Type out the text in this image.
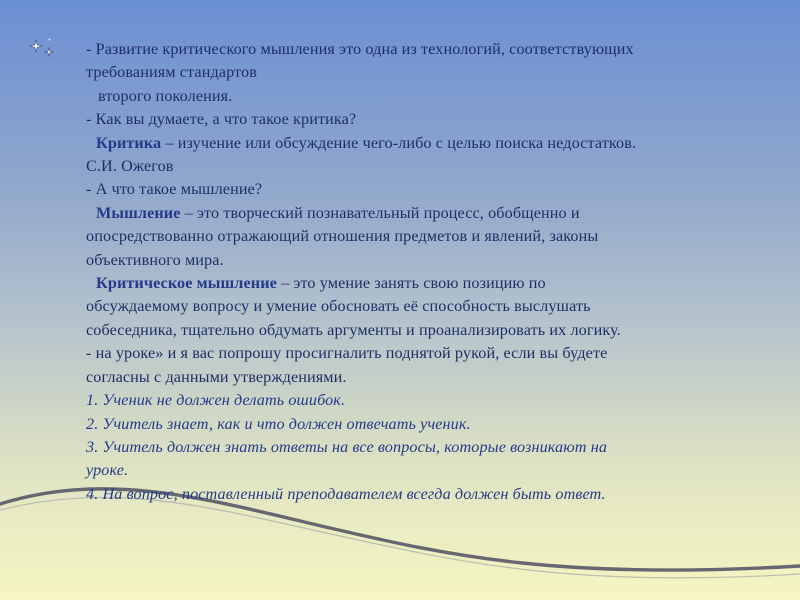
- Развитие критического мышления это одна из технологий, соответствующих

требованиям стандартов

второго поколения.

- Как вы думаете, а что такое критика?

Критика – изучение или обсуждение чего-либо с целью поиска недостатков.

С.И. Ожегов

- А что такое мышление?

Мышление – это творческий познавательный процесс, обобщенно и

опосредствованно отражающий отношения предметов и явлений, законы

объективного мира.

Критическое мышление – это умение занять свою позицию по

обсуждаемому вопросу и умение обосновать её способность выслушать

собеседника, тщательно обдумать аргументы и проанализировать их логику.

- на уроке» и я вас попрошу просигналить поднятой рукой, если вы будете

согласны с данными утверждениями.

1. Ученик не должен делать ошибок.

2. Учитель знает, как и что должен отвечать ученик.

3. Учитель должен знать ответы на все вопросы, которые возникают на

уроке.

4. На вопрос, поставленный преподавателем всегда должен быть ответ.
